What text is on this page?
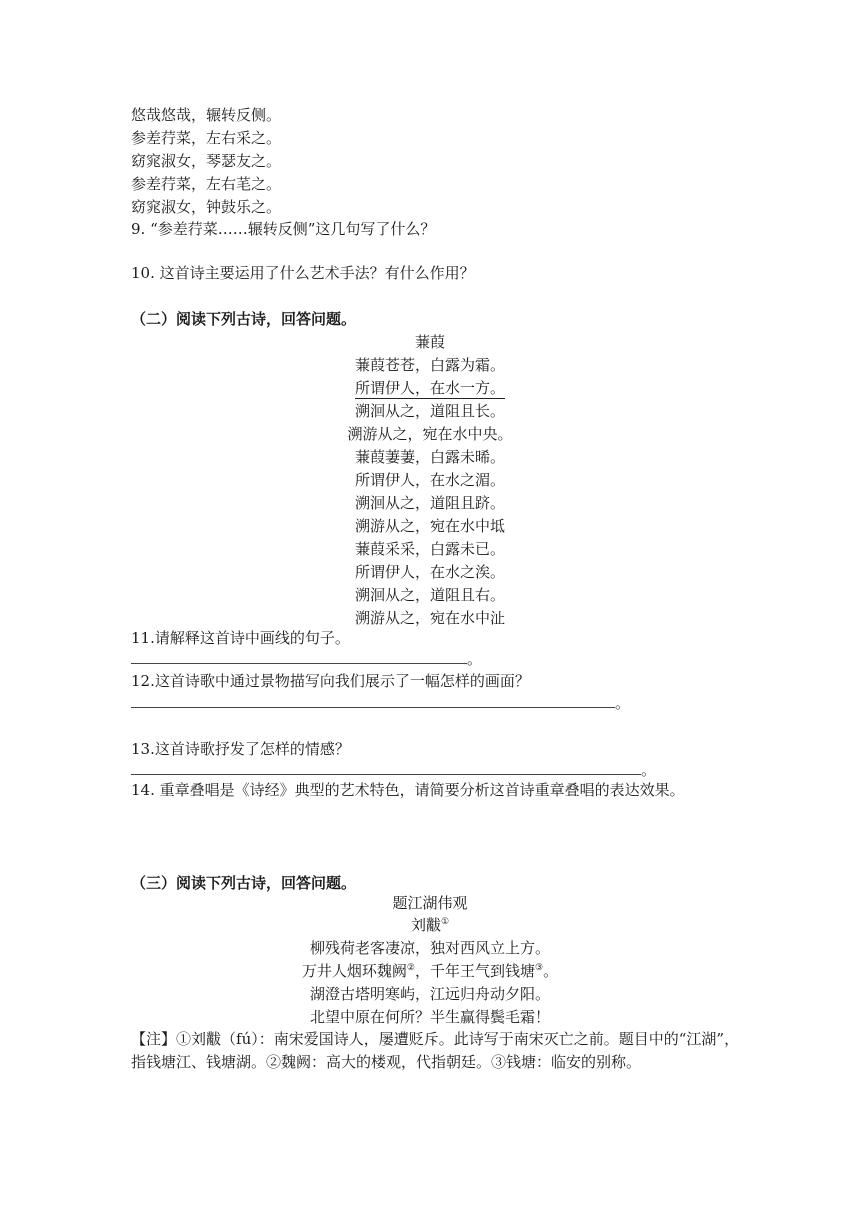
悠哉悠哉，辗转反侧。
参差荇菜，左右采之。
窈窕淑女，琴瑟友之。
参差荇菜，左右芼之。
窈窕淑女，钟鼓乐之。
9. “参差荇菜……辗转反侧”这几句写了什么？
10. 这首诗主要运用了什么艺术手法？有什么作用？
（二）阅读下列古诗，回答问题。
蒹葭
蒹葭苍苍，白露为霜。
所谓伊人，在水一方。
溯洄从之，道阻且长。
溯游从之，宛在水中央。
蒹葭萋萋，白露未晞。
所谓伊人，在水之湄。
溯洄从之，道阻且跻。
溯游从之，宛在水中坻
蒹葭采采，白露未已。
所谓伊人，在水之涘。
溯洄从之，道阻且右。
溯游从之，宛在水中沚
11.请解释这首诗中画线的句子。
。
12.这首诗歌中通过景物描写向我们展示了一幅怎样的画面？
。
13.这首诗歌抒发了怎样的情感？
。
14. 重章叠唱是《诗经》典型的艺术特色，请简要分析这首诗重章叠唱的表达效果。
（三）阅读下列古诗，回答问题。
题江湖伟观
刘黻①
柳残荷老客凄凉，独对西风立上方。
万井人烟环魏阙②，千年王气到钱塘③。
湖澄古塔明寒屿，江远归舟动夕阳。
北望中原在何所？半生赢得鬓毛霜！
【注】①刘黻（fú）：南宋爱国诗人，屡遭贬斥。此诗写于南宋灭亡之前。题目中的“江湖”，指钱塘江、钱塘湖。②魏阙：高大的楼观，代指朝廷。③钱塘：临安的别称。
